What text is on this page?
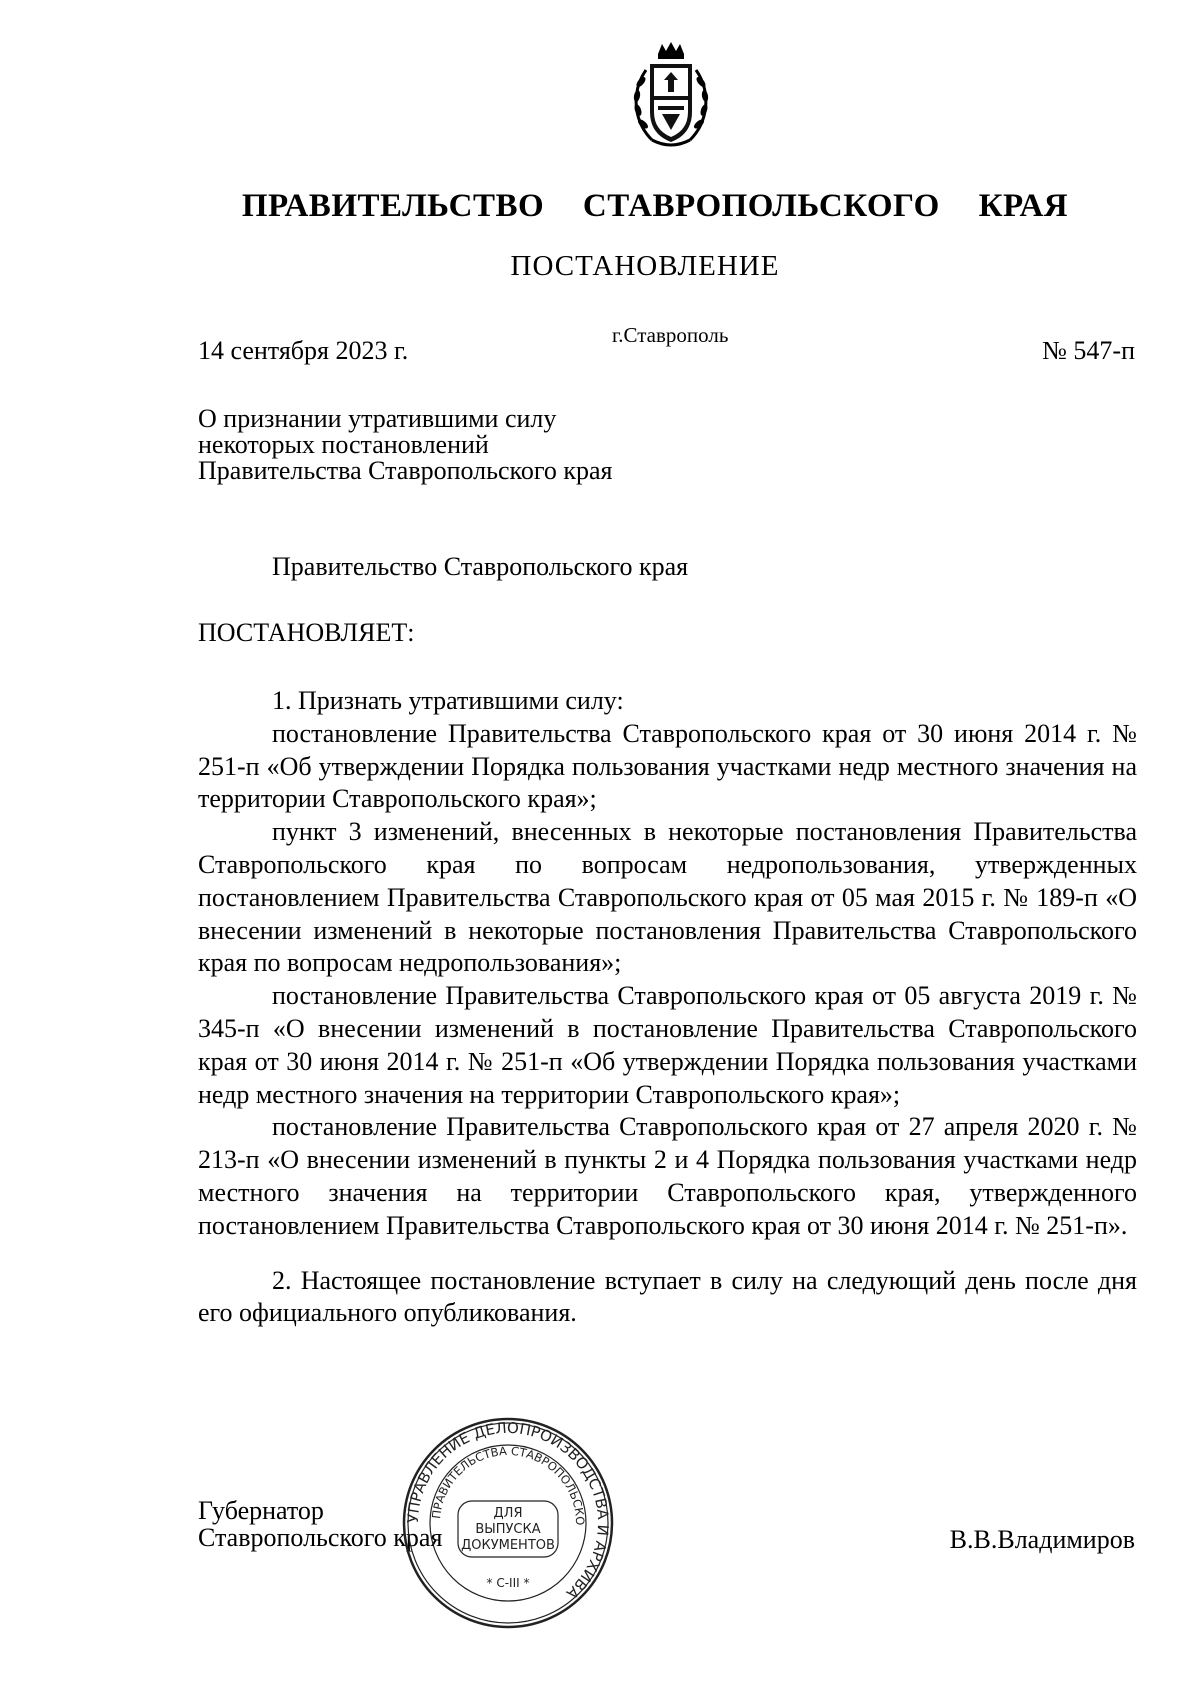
ПРАВИТЕЛЬСТВО СТАВРОПОЛЬСКОГО КРАЯ
ПОСТАНОВЛЕНИЕ
14 сентября 2023 г.
г.Ставрополь
№ 547-п
О признании утратившими силу
некоторых постановлений
Правительства Ставропольского края
Правительство Ставропольского края
ПОСТАНОВЛЯЕТ:

1. Признать утратившими силу:

постановление Правительства Ставропольского края от 30 июня 2014 г. № 251-п «Об утверждении Порядка пользования участками недр местного значения на территории Ставропольского края»;

пункт 3 изменений, внесенных в некоторые постановления Правительства Ставропольского края по вопросам недропользования, утвержденных постановлением Правительства Ставропольского края от 05 мая 2015 г. № 189-п «О внесении изменений в некоторые постановления Правительства Ставропольского края по вопросам недропользования»;

постановление Правительства Ставропольского края от 05 августа 2019 г. № 345-п «О внесении изменений в постановление Правительства Ставропольского края от 30 июня 2014 г. № 251-п «Об утверждении Порядка пользования участками недр местного значения на территории Ставропольского края»;

постановление Правительства Ставропольского края от 27 апреля 2020 г. № 213-п «О внесении изменений в пункты 2 и 4 Порядка пользования участками недр местного значения на территории Ставропольского края, утвержденного постановлением Правительства Ставропольского края от 30 июня 2014 г. № 251-п».

2. Настоящее постановление вступает в силу на следующий день после дня его официального опубликования.

Губернатор
Ставропольского края	В.В.Владимиров
УПРАВЛЕНИЕ ДЕЛОПРОИЗВОДСТВА И АРХИВА
ПРАВИТЕЛЬСТВА СТАВРОПОЛЬСКО
ДЛЯ
ВЫПУСКА
ДОКУМЕНТОВ
* С-III *
